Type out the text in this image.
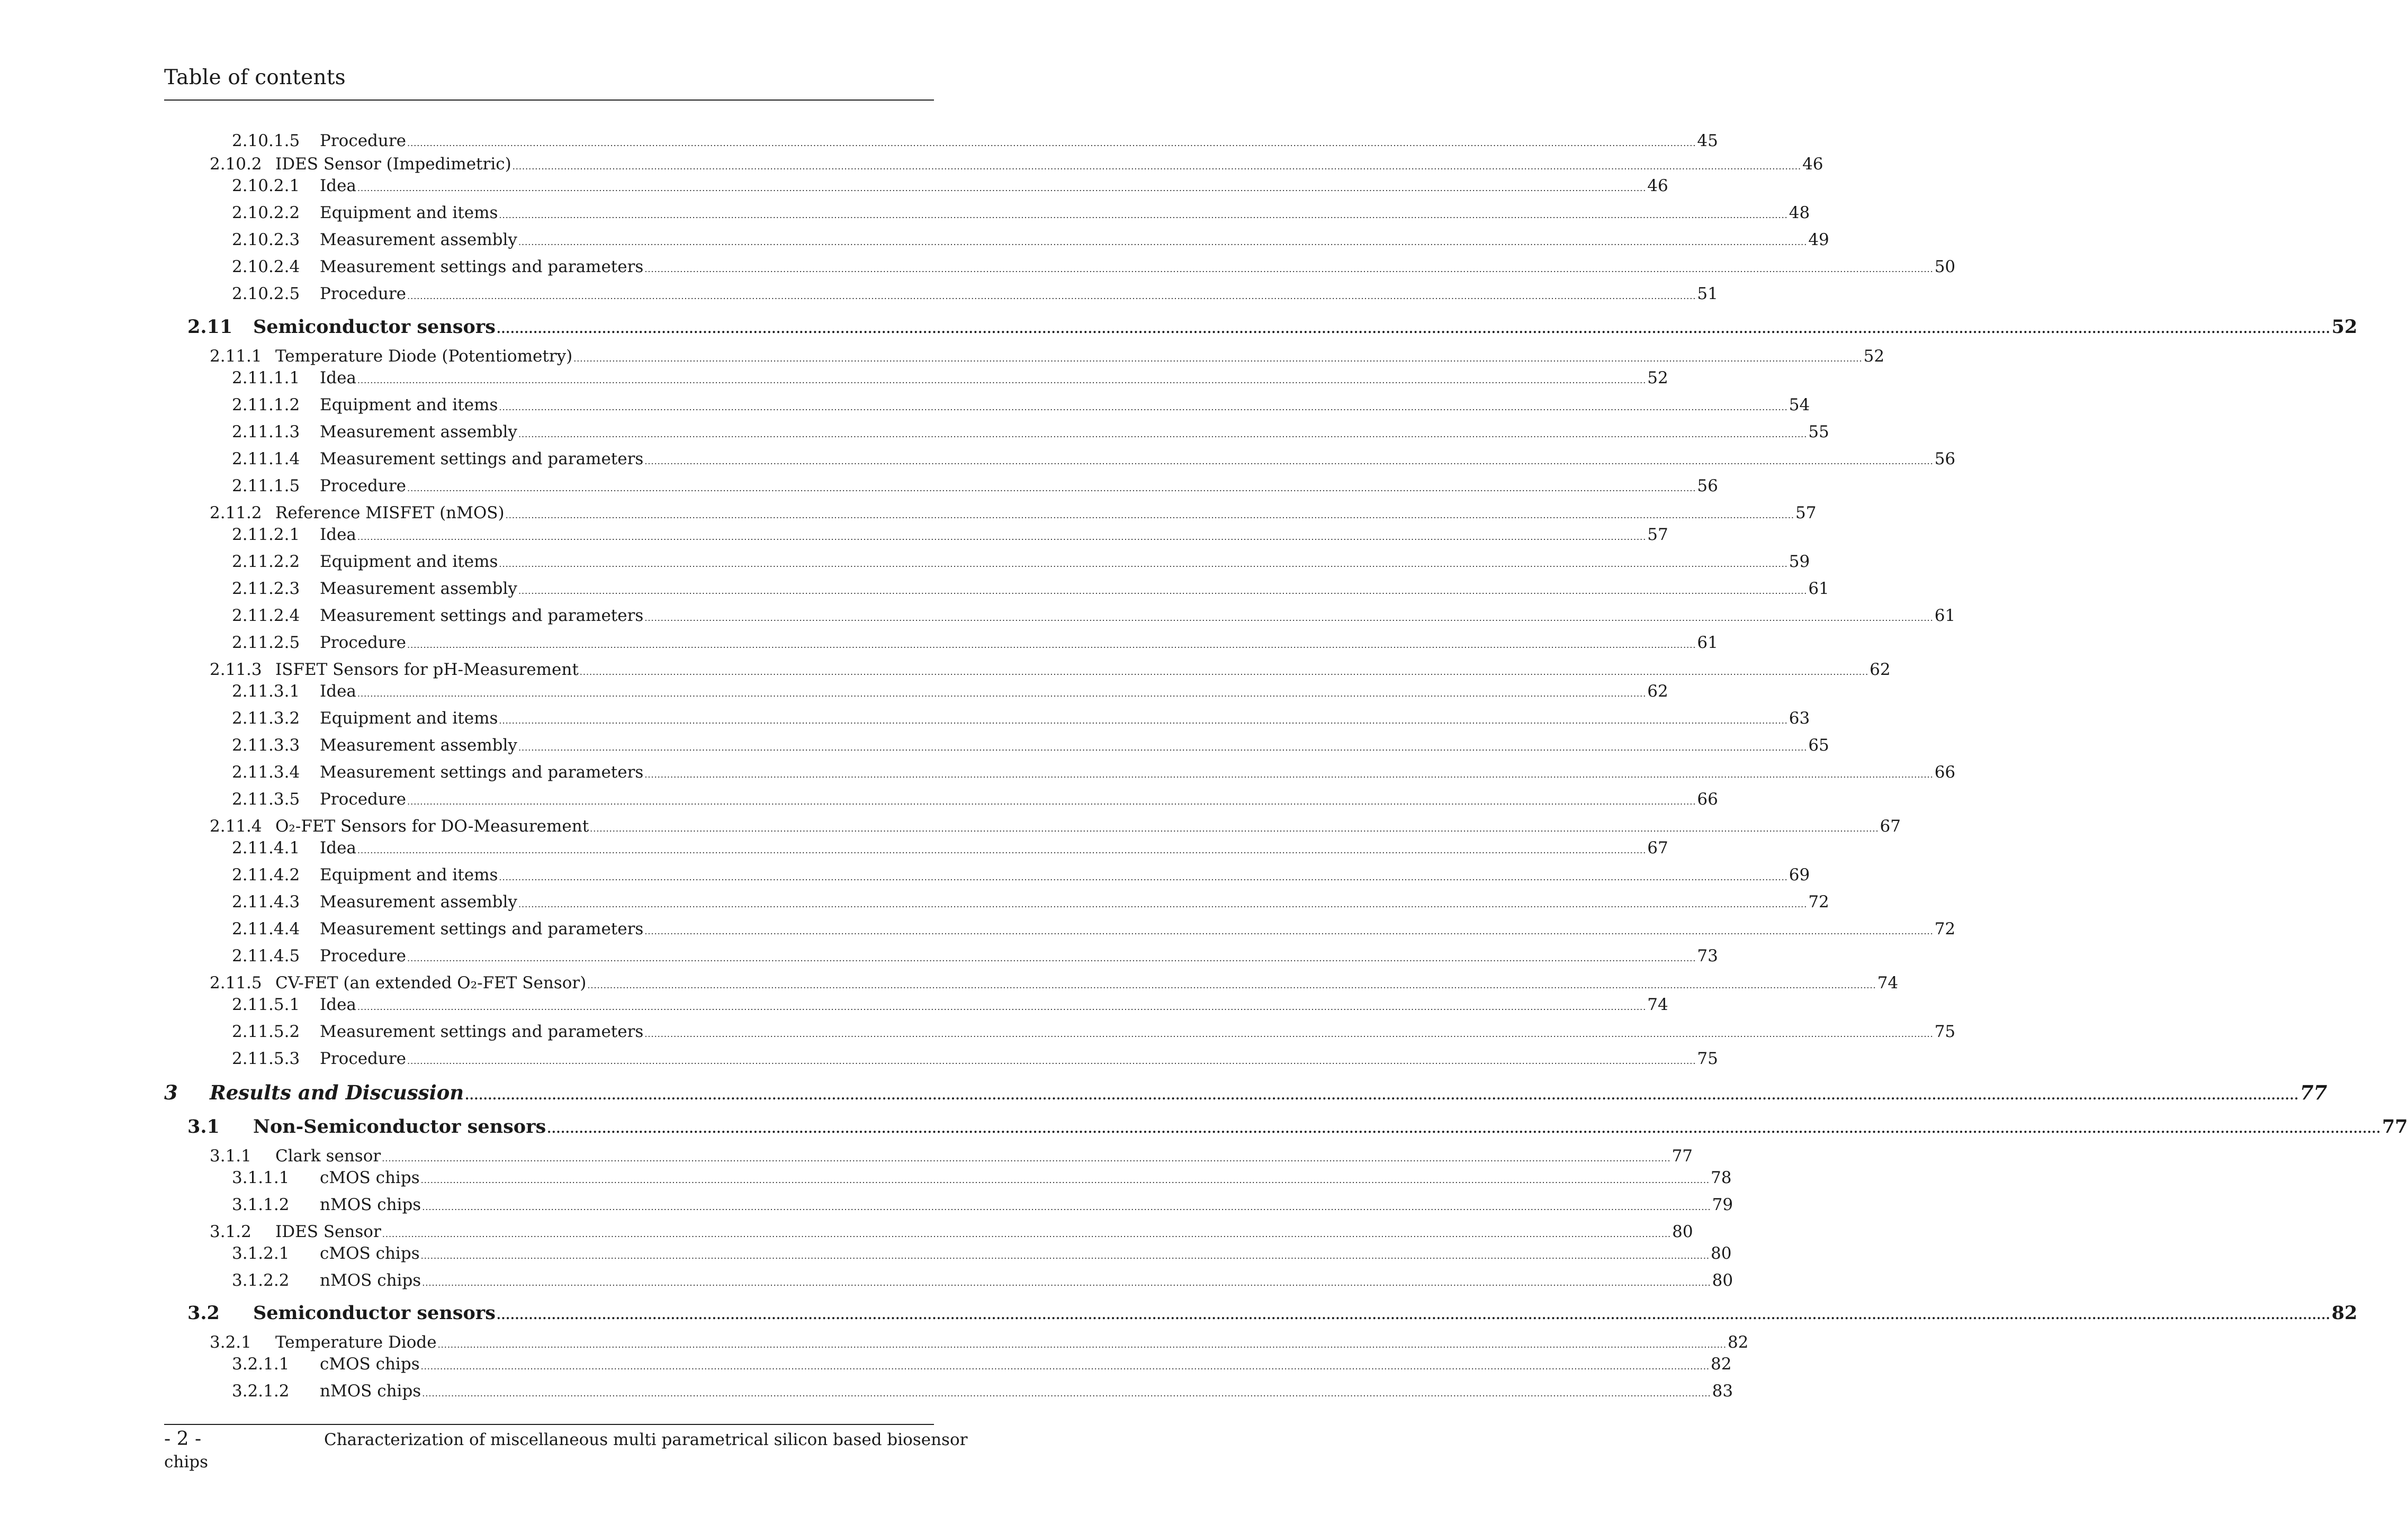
Table of contents
2.10.1.5	Procedure ................................................................................................................................................................................................................................................................................................................................................................................................................ 45
2.10.2 IDES Sensor (Impedimetric) ................................................................................................................................................................................................................................................................................................................................................................................................................ 46
2.10.2.1	Idea ................................................................................................................................................................................................................................................................................................................................................................................................................ 46
2.10.2.2	Equipment and items ................................................................................................................................................................................................................................................................................................................................................................................................................ 48
2.10.2.3	Measurement assembly ................................................................................................................................................................................................................................................................................................................................................................................................................ 49
2.10.2.4	Measurement settings and parameters ................................................................................................................................................................................................................................................................................................................................................................................................................ 50
2.10.2.5	Procedure ................................................................................................................................................................................................................................................................................................................................................................................................................ 51
2.11	Semiconductor sensors ................................................................................................................................................................................................................................................................................................................................................................................................................ 52
2.11.1 Temperature Diode (Potentiometry) ................................................................................................................................................................................................................................................................................................................................................................................................................ 52
2.11.1.1	Idea ................................................................................................................................................................................................................................................................................................................................................................................................................ 52
2.11.1.2	Equipment and items ................................................................................................................................................................................................................................................................................................................................................................................................................ 54
2.11.1.3	Measurement assembly ................................................................................................................................................................................................................................................................................................................................................................................................................ 55
2.11.1.4	Measurement settings and parameters ................................................................................................................................................................................................................................................................................................................................................................................................................ 56
2.11.1.5	Procedure ................................................................................................................................................................................................................................................................................................................................................................................................................ 56
2.11.2 Reference MISFET (nMOS) ................................................................................................................................................................................................................................................................................................................................................................................................................ 57
2.11.2.1	Idea ................................................................................................................................................................................................................................................................................................................................................................................................................ 57
2.11.2.2	Equipment and items ................................................................................................................................................................................................................................................................................................................................................................................................................ 59
2.11.2.3	Measurement assembly ................................................................................................................................................................................................................................................................................................................................................................................................................ 61
2.11.2.4	Measurement settings and parameters ................................................................................................................................................................................................................................................................................................................................................................................................................ 61
2.11.2.5	Procedure ................................................................................................................................................................................................................................................................................................................................................................................................................ 61
2.11.3 ISFET Sensors for pH-Measurement ................................................................................................................................................................................................................................................................................................................................................................................................................ 62
2.11.3.1	Idea ................................................................................................................................................................................................................................................................................................................................................................................................................ 62
2.11.3.2	Equipment and items ................................................................................................................................................................................................................................................................................................................................................................................................................ 63
2.11.3.3	Measurement assembly ................................................................................................................................................................................................................................................................................................................................................................................................................ 65
2.11.3.4	Measurement settings and parameters ................................................................................................................................................................................................................................................................................................................................................................................................................ 66
2.11.3.5	Procedure ................................................................................................................................................................................................................................................................................................................................................................................................................ 66
2.11.4 O₂-FET Sensors for DO-Measurement ................................................................................................................................................................................................................................................................................................................................................................................................................ 67
2.11.4.1	Idea ................................................................................................................................................................................................................................................................................................................................................................................................................ 67
2.11.4.2	Equipment and items ................................................................................................................................................................................................................................................................................................................................................................................................................ 69
2.11.4.3	Measurement assembly ................................................................................................................................................................................................................................................................................................................................................................................................................ 72
2.11.4.4	Measurement settings and parameters ................................................................................................................................................................................................................................................................................................................................................................................................................ 72
2.11.4.5	Procedure ................................................................................................................................................................................................................................................................................................................................................................................................................ 73
2.11.5 CV-FET (an extended O₂-FET Sensor) ................................................................................................................................................................................................................................................................................................................................................................................................................ 74
2.11.5.1	Idea ................................................................................................................................................................................................................................................................................................................................................................................................................ 74
2.11.5.2	Measurement settings and parameters ................................................................................................................................................................................................................................................................................................................................................................................................................ 75
2.11.5.3	Procedure ................................................................................................................................................................................................................................................................................................................................................................................................................ 75
3	Results and Discussion ................................................................................................................................................................................................................................................................................................................................................................................................................ 77
3.1	Non-Semiconductor sensors ................................................................................................................................................................................................................................................................................................................................................................................................................ 77
3.1.1	Clark sensor ................................................................................................................................................................................................................................................................................................................................................................................................................ 77
3.1.1.1	cMOS chips ................................................................................................................................................................................................................................................................................................................................................................................................................ 78
3.1.1.2	nMOS chips ................................................................................................................................................................................................................................................................................................................................................................................................................ 79
3.1.2	IDES Sensor ................................................................................................................................................................................................................................................................................................................................................................................................................ 80
3.1.2.1	cMOS chips ................................................................................................................................................................................................................................................................................................................................................................................................................ 80
3.1.2.2	nMOS chips ................................................................................................................................................................................................................................................................................................................................................................................................................ 80
3.2	Semiconductor sensors ................................................................................................................................................................................................................................................................................................................................................................................................................ 82
3.2.1	Temperature Diode ................................................................................................................................................................................................................................................................................................................................................................................................................ 82
3.2.1.1	cMOS chips ................................................................................................................................................................................................................................................................................................................................................................................................................ 82
3.2.1.2	nMOS chips ................................................................................................................................................................................................................................................................................................................................................................................................................ 83
- 2 -	Characterization of miscellaneous multi parametrical silicon based biosensor
chips
